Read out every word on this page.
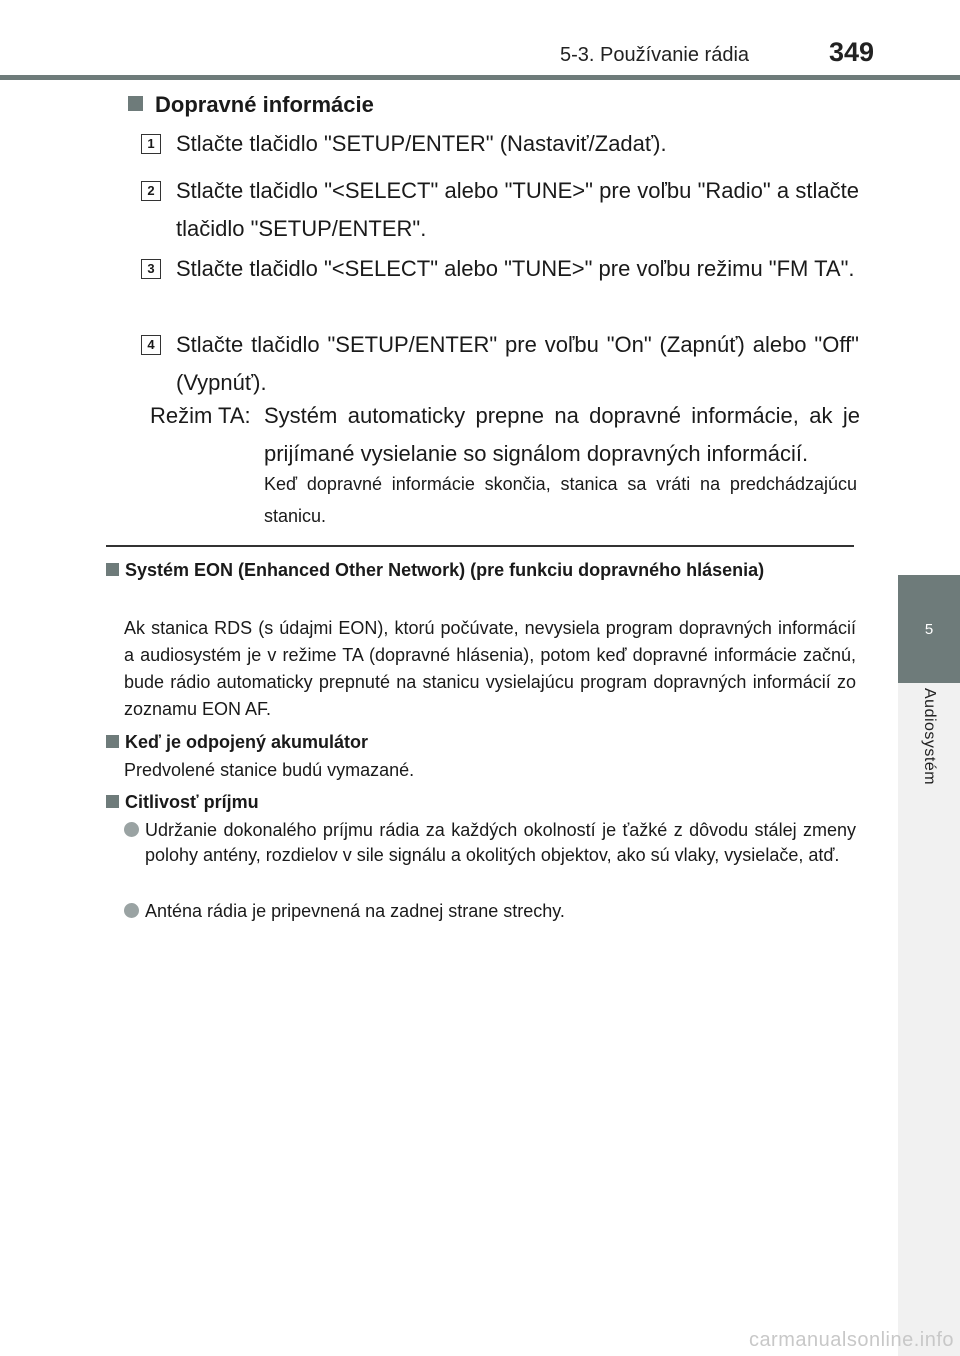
5-3. Používanie rádia	349
5
Audiosystém
Dopravné informácie
1 Stlačte tlačidlo "SETUP/ENTER" (Nastaviť/Zadať).
2 Stlačte tlačidlo "<SELECT" alebo "TUNE>" pre voľbu "Radio" a stlačte tlačidlo "SETUP/ENTER".
3 Stlačte tlačidlo "<SELECT" alebo "TUNE>" pre voľbu režimu "FM TA".
4 Stlačte tlačidlo "SETUP/ENTER" pre voľbu "On" (Zapnúť) alebo "Off" (Vypnúť).
Režim TA: Systém automaticky prepne na dopravné informácie, ak je prijímané vysielanie so signálom dopravných informácií.
Keď dopravné informácie skončia, stanica sa vráti na predchádzajúcu stanicu.
Systém EON (Enhanced Other Network) (pre funkciu dopravného hlásenia)
Ak stanica RDS (s údajmi EON), ktorú počúvate, nevysiela program dopravných informácií a audiosystém je v režime TA (dopravné hlásenia), potom keď dopravné informácie začnú, bude rádio automaticky prepnuté na stanicu vysielajúcu program dopravných informácií zo zoznamu EON AF.
Keď je odpojený akumulátor
Predvolené stanice budú vymazané.
Citlivosť príjmu
Udržanie dokonalého príjmu rádia za každých okolností je ťažké z dôvodu stálej zmeny polohy antény, rozdielov v sile signálu a okolitých objektov, ako sú vlaky, vysielače, atď.
Anténa rádia je pripevnená na zadnej strane strechy.
carmanualsonline.info
